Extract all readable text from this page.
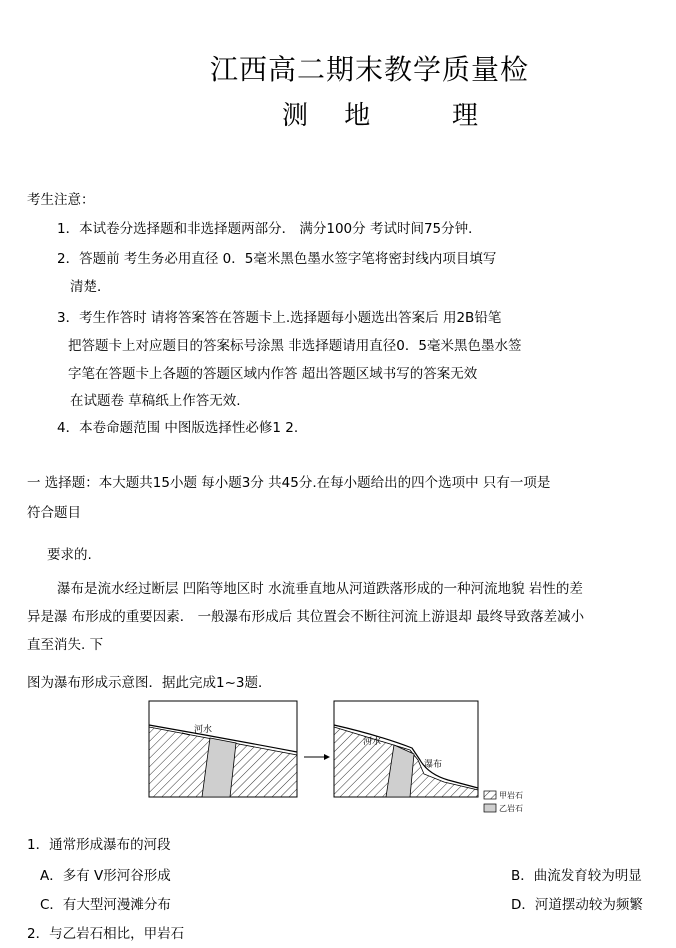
江西高二期末教学质量检
测 地	理
考生注意：
1．本试卷分选择题和非选择题两部分． 满分100分 考试时间75分钟．
2．答题前 考生务必用直径 0．5毫米黑色墨水签字笔将密封线内项目填写
清楚．
3．考生作答时 请将答案答在答题卡上.选择题每小题选出答案后 用2B铅笔
把答题卡上对应题目的答案标号涂黑 非选择题请用直径0．5毫米黑色墨水签
字笔在答题卡上各题的答题区域内作答 超出答题区域书写的答案无效
在试题卷 草稿纸上作答无效.
4．本卷命题范围 中图版选择性必修1 2.
一 选择题：本大题共15小题 每小题3分 共45分.在每小题给出的四个选项中 只有一项是
符合题目
要求的.
瀑布是流水经过断层 凹陷等地区时 水流垂直地从河道跌落形成的一种河流地貌 岩性的差
异是瀑 布形成的重要因素． 一般瀑布形成后 其位置会不断往河流上游退却 最终导致落差减小
直至消失. 下
图为瀑布形成示意图．据此完成1~3题．
河水
河水
瀑布
甲岩石
乙岩石
1．通常形成瀑布的河段
A．多有 V形河谷形成	B．曲流发育较为明显
C．有大型河漫滩分布	D．河道摆动较为频繁
2．与乙岩石相比，甲岩石
